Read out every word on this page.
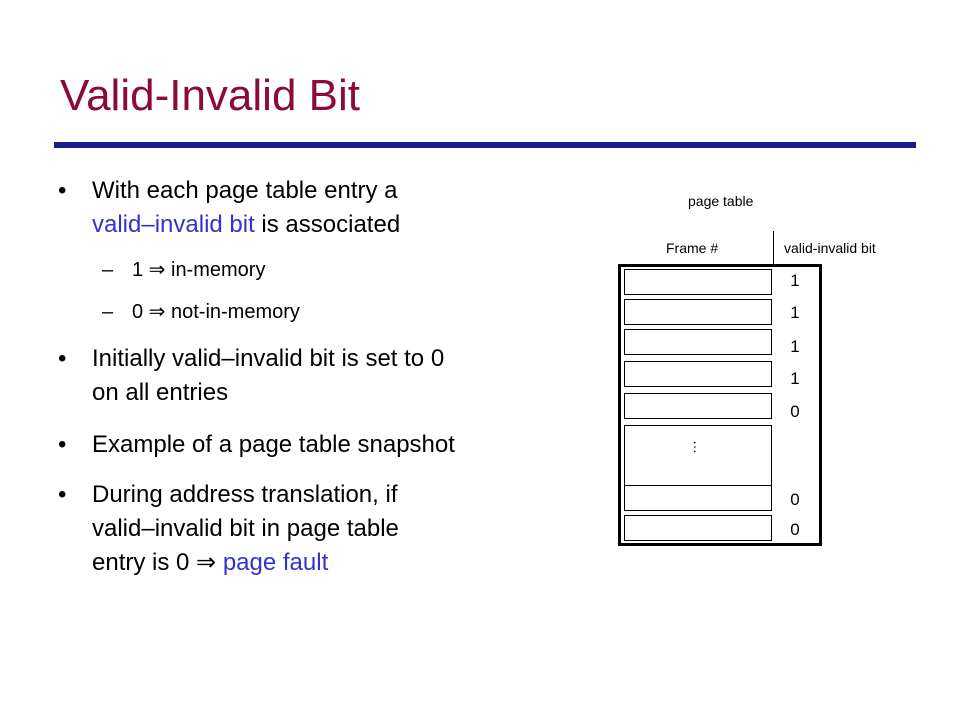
Valid-Invalid Bit
• With each page table entry a
valid–invalid bit is associated
– 1 ⇒ in-memory
– 0 ⇒ not-in-memory
• Initially valid–invalid bit is set to 0
on all entries
• Example of a page table snapshot
• During address translation, if
valid–invalid bit in page table
entry is 0 ⇒ page fault
page table
Frame #	valid-invalid bit
1
1
1
1
0
0
0
…
